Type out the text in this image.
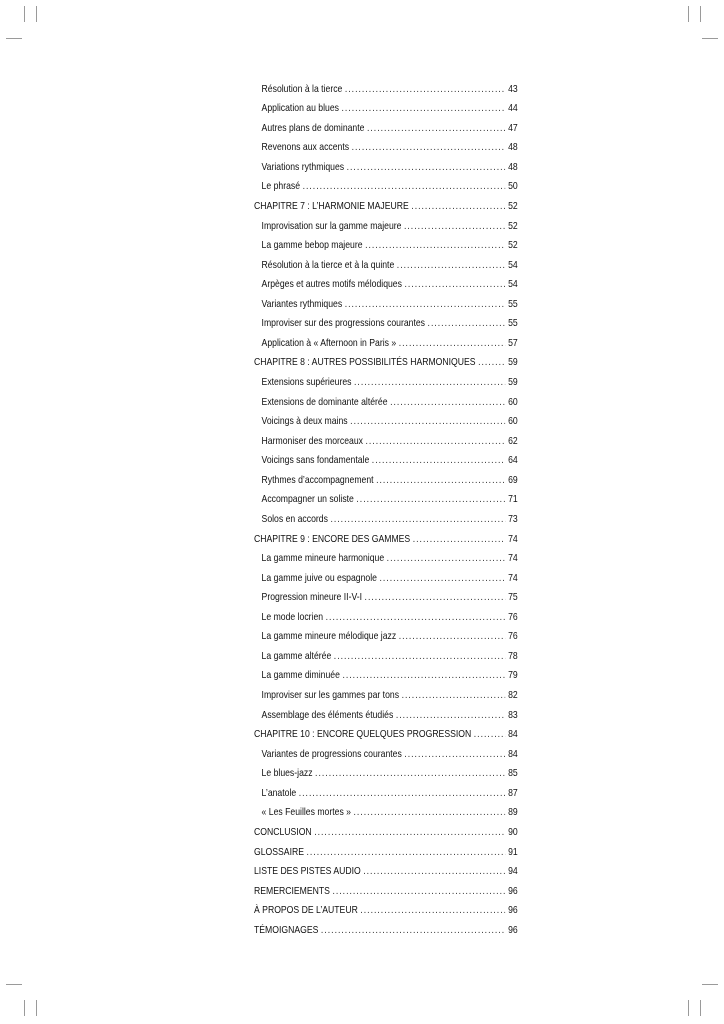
Résolution à la tierce .....	43
Application au blues .....	44
Autres plans de dominante .....	47
Revenons aux accents .....	48
Variations rythmiques .....	48
Le phrasé .....	50
CHAPITRE 7 : L’HARMONIE MAJEURE .....	52
Improvisation sur la gamme majeure .....	52
La gamme bebop majeure .....	52
Résolution à la tierce et à la quinte .....	54
Arpèges et autres motifs mélodiques .....	54
Variantes rythmiques .....	55
Improviser sur des progressions courantes .....	55
Application à « Afternoon in Paris » .....	57
CHAPITRE 8 : AUTRES POSSIBILITÉS HARMONIQUES .....	59
Extensions supérieures .....	59
Extensions de dominante altérée .....	60
Voicings à deux mains .....	60
Harmoniser des morceaux .....	62
Voicings sans fondamentale .....	64
Rythmes d’accompagnement .....	69
Accompagner un soliste .....	71
Solos en accords .....	73
CHAPITRE 9 : ENCORE DES GAMMES .....	74
La gamme mineure harmonique .....	74
La gamme juive ou espagnole .....	74
Progression mineure II-V-I .....	75
Le mode locrien .....	76
La gamme mineure mélodique jazz .....	76
La gamme altérée .....	78
La gamme diminuée .....	79
Improviser sur les gammes par tons .....	82
Assemblage des éléments étudiés .....	83
CHAPITRE 10 : ENCORE QUELQUES PROGRESSION .....	84
Variantes de progressions courantes .....	84
Le blues-jazz .....	85
L’anatole .....	87
« Les Feuilles mortes » .....	89
CONCLUSION .....	90
GLOSSAIRE .....	91
LISTE DES PISTES AUDIO .....	94
REMERCIEMENTS .....	96
À PROPOS DE L’AUTEUR .....	96
TÉMOIGNAGES .....	96
